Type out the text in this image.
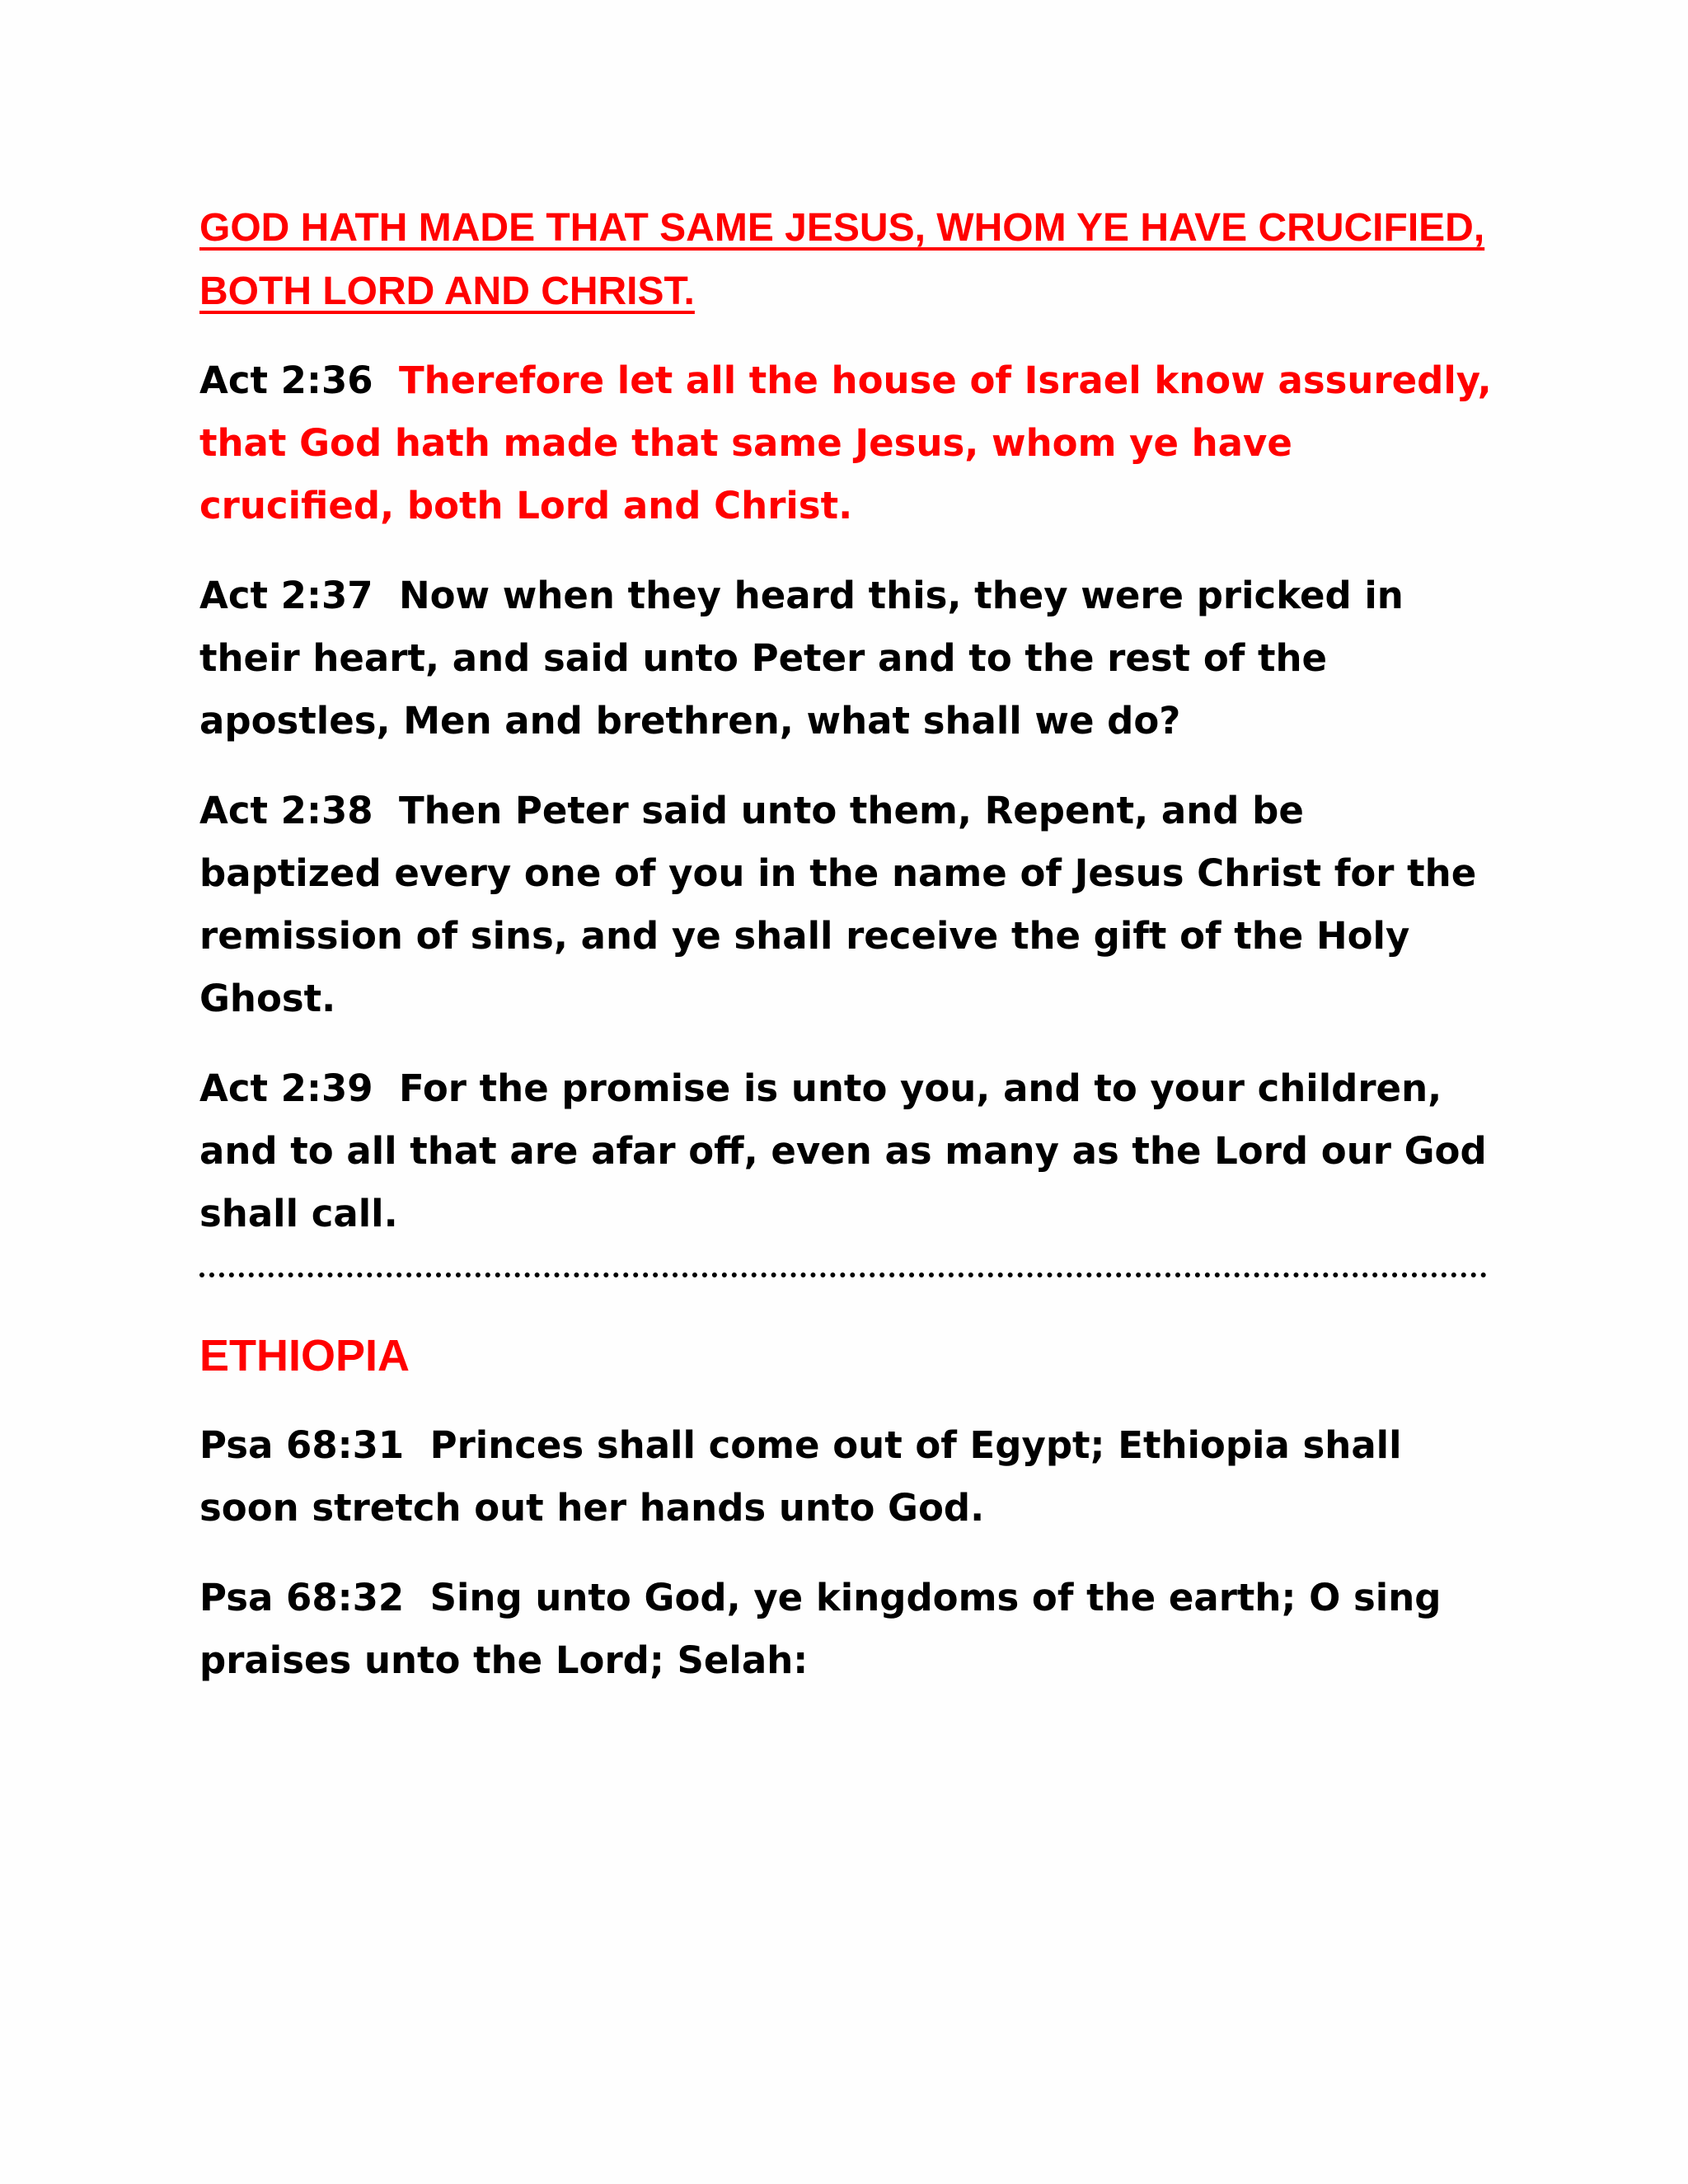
GOD HATH MADE THAT SAME JESUS, WHOM YE HAVE CRUCIFIED, BOTH LORD AND CHRIST.
Act 2:36 Therefore let all the house of Israel know assuredly, that God hath made that same Jesus, whom ye have crucified, both Lord and Christ.
Act 2:37 Now when they heard this, they were pricked in their heart, and said unto Peter and to the rest of the apostles, Men and brethren, what shall we do?
Act 2:38 Then Peter said unto them, Repent, and be baptized every one of you in the name of Jesus Christ for the remission of sins, and ye shall receive the gift of the Holy Ghost.
Act 2:39 For the promise is unto you, and to your children, and to all that are afar off, even as many as the Lord our God shall call.
ETHIOPIA
Psa 68:31 Princes shall come out of Egypt; Ethiopia shall soon stretch out her hands unto God.
Psa 68:32 Sing unto God, ye kingdoms of the earth; O sing praises unto the Lord; Selah:
